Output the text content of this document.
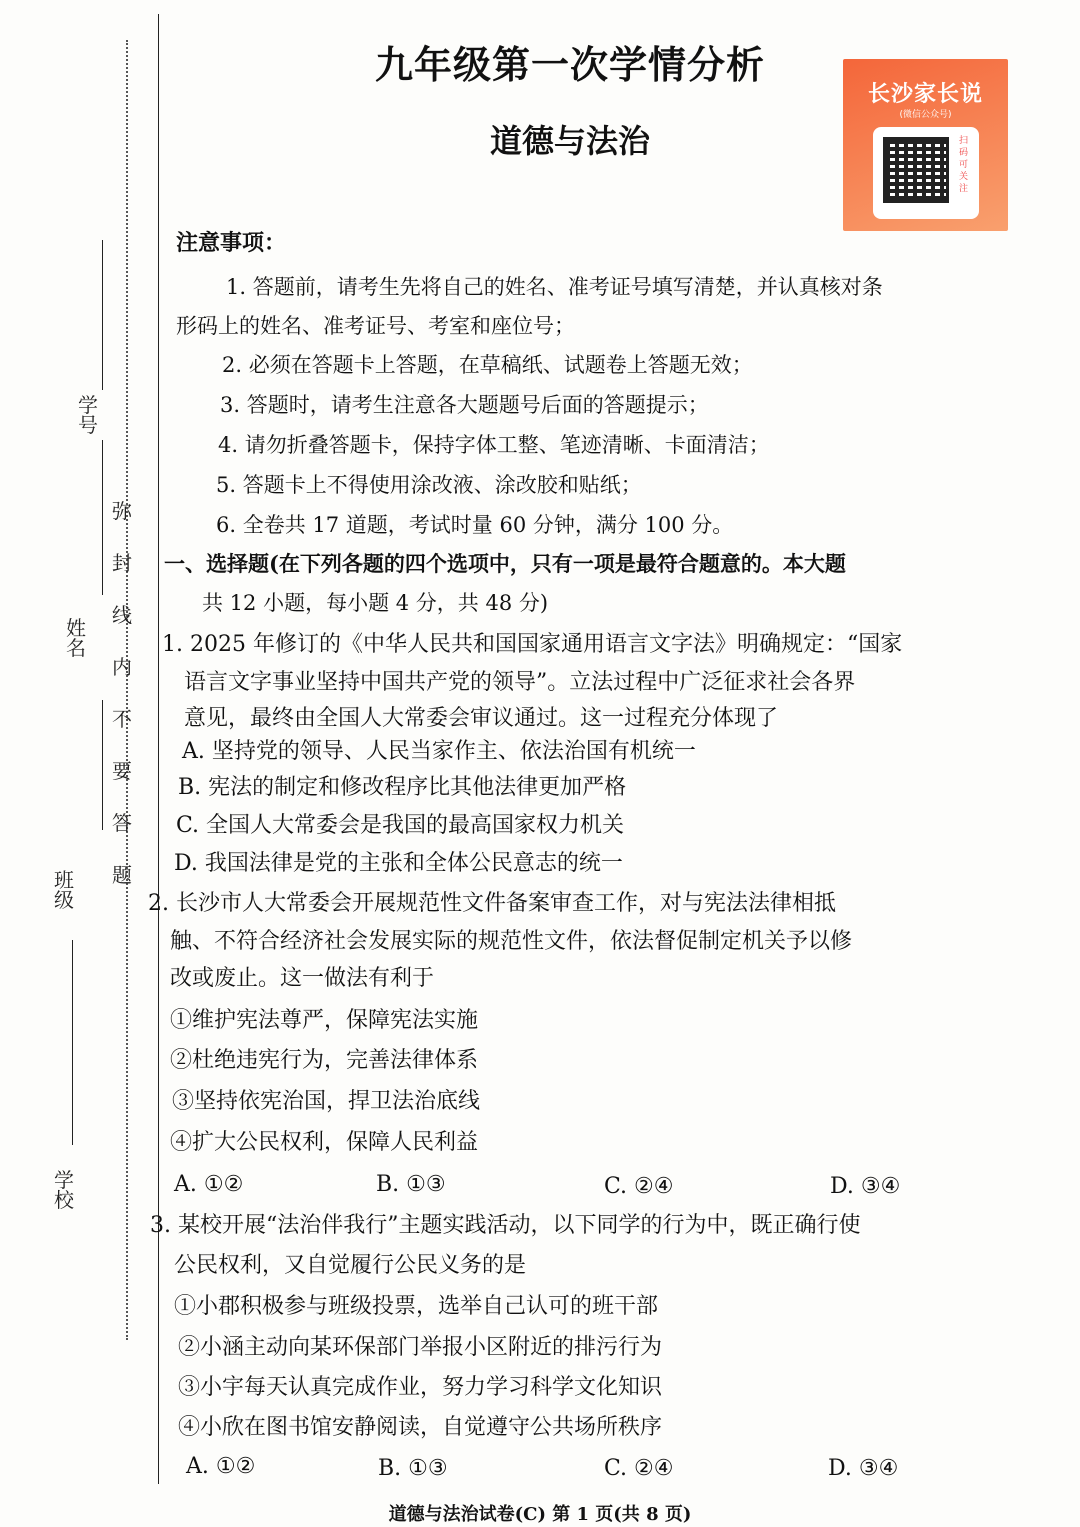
学号
姓名
班级
学校
弥封线内不要答题
九年级第一次学情分析
道德与法治
长沙家长说
(微信公众号)
扫码可关注
注意事项：
1. 答题前，请考生先将自己的姓名、准考证号填写清楚，并认真核对条
形码上的姓名、准考证号、考室和座位号；
2. 必须在答题卡上答题，在草稿纸、试题卷上答题无效；
3. 答题时，请考生注意各大题题号后面的答题提示；
4. 请勿折叠答题卡，保持字体工整、笔迹清晰、卡面清洁；
5. 答题卡上不得使用涂改液、涂改胶和贴纸；
6. 全卷共 17 道题，考试时量 60 分钟，满分 100 分。
一、选择题(在下列各题的四个选项中，只有一项是最符合题意的。本大题
共 12 小题，每小题 4 分，共 48 分)
1. 2025 年修订的《中华人民共和国国家通用语言文字法》明确规定：“国家
语言文字事业坚持中国共产党的领导”。立法过程中广泛征求社会各界
意见，最终由全国人大常委会审议通过。这一过程充分体现了
A. 坚持党的领导、人民当家作主、依法治国有机统一
B. 宪法的制定和修改程序比其他法律更加严格
C. 全国人大常委会是我国的最高国家权力机关
D. 我国法律是党的主张和全体公民意志的统一
2. 长沙市人大常委会开展规范性文件备案审查工作，对与宪法法律相抵
触、不符合经济社会发展实际的规范性文件，依法督促制定机关予以修
改或废止。这一做法有利于
①维护宪法尊严，保障宪法实施
②杜绝违宪行为，完善法律体系
③坚持依宪治国，捍卫法治底线
④扩大公民权利，保障人民利益
A. ①②	B. ①③	C. ②④	D. ③④
3. 某校开展“法治伴我行”主题实践活动，以下同学的行为中，既正确行使
公民权利，又自觉履行公民义务的是
①小郡积极参与班级投票，选举自己认可的班干部
②小涵主动向某环保部门举报小区附近的排污行为
③小宇每天认真完成作业，努力学习科学文化知识
④小欣在图书馆安静阅读，自觉遵守公共场所秩序
A. ①②	B. ①③	C. ②④	D. ③④
道德与法治试卷(C) 第 1 页(共 8 页)
